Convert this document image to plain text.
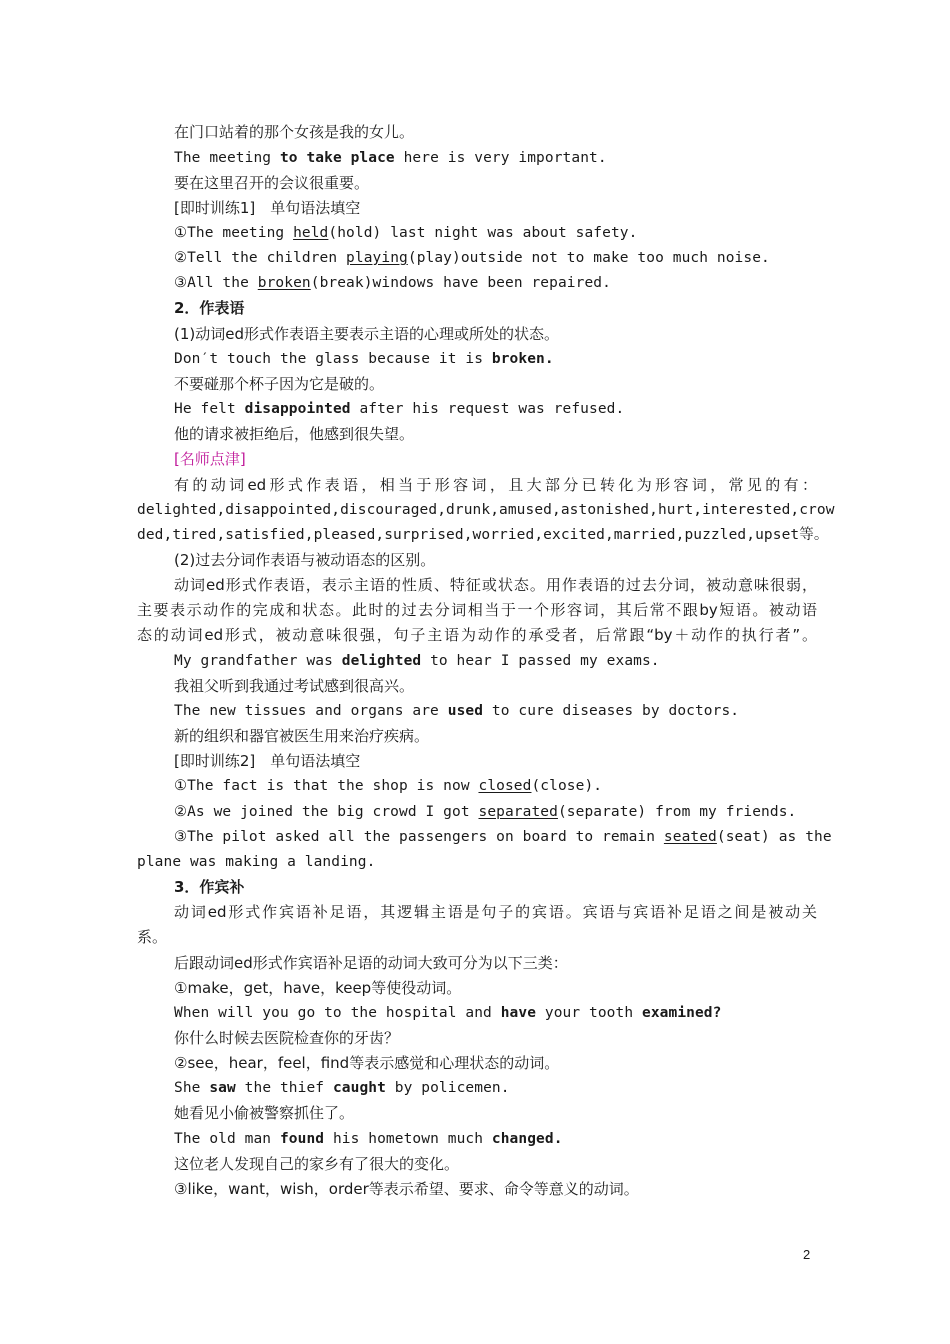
在门口站着的那个女孩是我的女儿。
The meeting to take place here is very important.
要在这里召开的会议很重要。
[即时训练1]　单句语法填空
①The meeting held(hold) last night was about safety.
②Tell the children playing(play)outside not to make too much noise.
③All the broken(break)windows have been repaired.
2．作表语
(1)动词ed形式作表语主要表示主语的心理或所处的状态。
Don′t touch the glass because it is broken.
不要碰那个杯子因为它是破的。
He felt disappointed after his request was refused.
他的请求被拒绝后，他感到很失望。
[名师点津]
有的动词ed形式作表语，相当于形容词，且大部分已转化为形容词，常见的有：
delighted,disappointed,discouraged,drunk,amused,astonished,hurt,interested,crow
ded,tired,satisfied,pleased,surprised,worried,excited,married,puzzled,upset等。
(2)过去分词作表语与被动语态的区别。
动词ed形式作表语，表示主语的性质、特征或状态。用作表语的过去分词，被动意味很弱，
主要表示动作的完成和状态。此时的过去分词相当于一个形容词，其后常不跟by短语。被动语
态的动词ed形式，被动意味很强，句子主语为动作的承受者，后常跟“by＋动作的执行者”。
My grandfather was delighted to hear I passed my exams.
我祖父听到我通过考试感到很高兴。
The new tissues and organs are used to cure diseases by doctors.
新的组织和器官被医生用来治疗疾病。
[即时训练2]　单句语法填空
①The fact is that the shop is now closed(close).
②As we joined the big crowd I got separated(separate) from my friends.
③The pilot asked all the passengers on board to remain seated(seat) as the
plane was making a landing.
3．作宾补
动词ed形式作宾语补足语，其逻辑主语是句子的宾语。宾语与宾语补足语之间是被动关
系。
后跟动词ed形式作宾语补足语的动词大致可分为以下三类：
①make，get，have，keep等使役动词。
When will you go to the hospital and have your tooth examined?
你什么时候去医院检查你的牙齿？
②see，hear，feel，find等表示感觉和心理状态的动词。
She saw the thief caught by policemen.
她看见小偷被警察抓住了。
The old man found his hometown much changed.
这位老人发现自己的家乡有了很大的变化。
③like，want，wish，order等表示希望、要求、命令等意义的动词。
2
